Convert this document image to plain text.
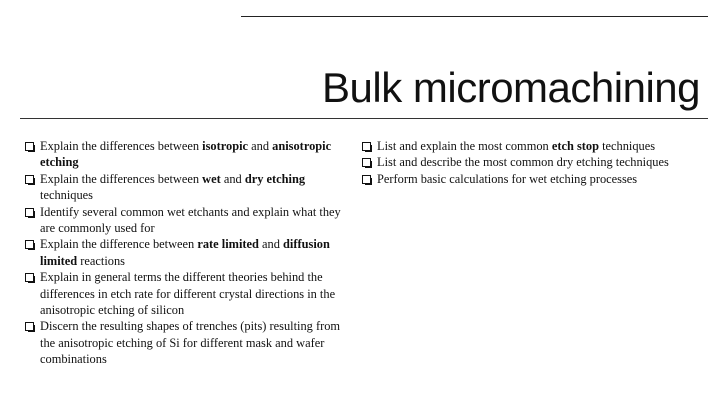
Bulk micromachining
Explain the differences between isotropic and anisotropic etching
Explain the differences between wet and dry etching techniques
Identify several common wet etchants and explain what they are commonly used for
Explain the difference between rate limited and diffusion limited reactions
Explain in general terms the different theories behind the differences in etch rate for different crystal directions in the anisotropic etching of silicon
Discern the resulting shapes of trenches (pits) resulting from the anisotropic etching of Si for different mask and wafer combinations
List and explain the most common etch stop techniques
List and describe the most common dry etching techniques
Perform basic calculations for wet etching processes
